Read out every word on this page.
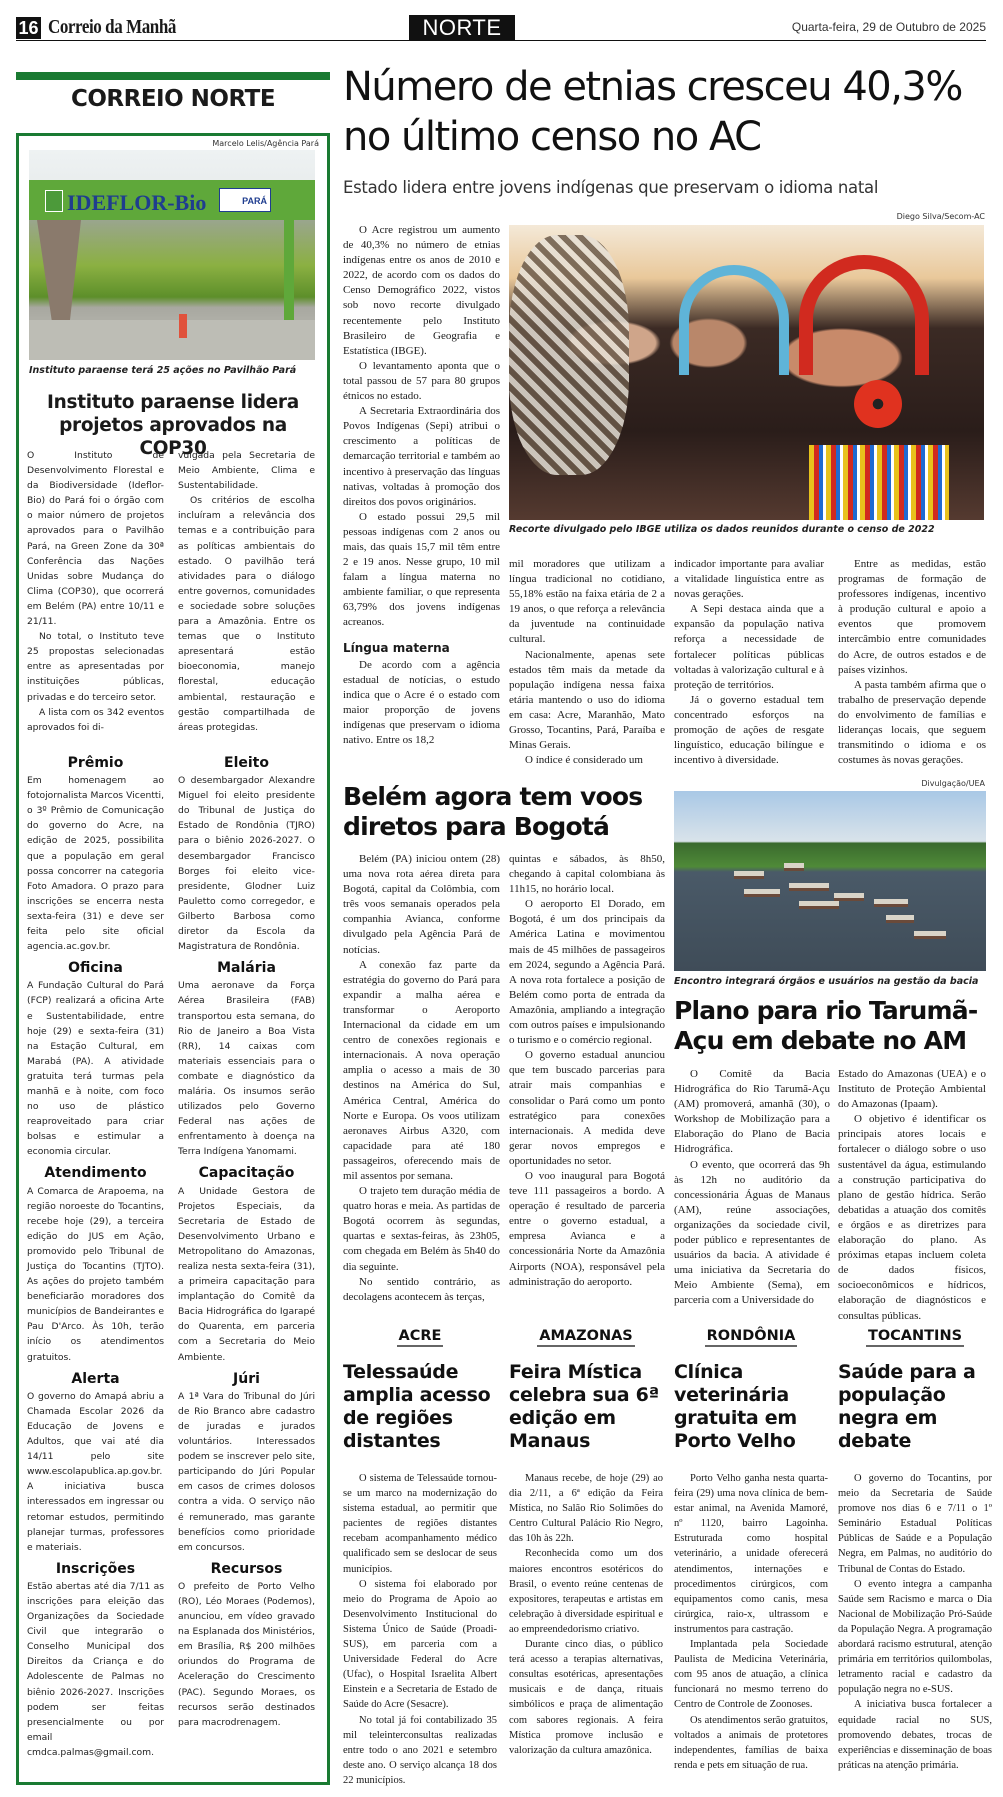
16 Correio da Manhã	NORTE	Quarta-feira, 29 de Outubro de 2025
CORREIO NORTE
Marcelo Lelis/Agência Pará
IDEFLOR-Bio	PARÁ
Instituto paraense terá 25 ações no Pavilhão Pará
Instituto paraense lidera projetos aprovados na COP30

O Instituto de Desenvolvimento Florestal e da Biodiversidade (Ideflor-Bio) do Pará foi o órgão com o maior número de projetos aprovados para o Pavilhão Pará, na Green Zone da 30ª Conferência das Nações Unidas sobre Mudança do Clima (COP30), que ocorrerá em Belém (PA) entre 10/11 e 21/11.

No total, o Instituto teve 25 propostas selecionadas entre as apresentadas por instituições públicas, privadas e do terceiro setor.

A lista com os 342 eventos aprovados foi di-

vulgada pela Secretaria de Meio Ambiente, Clima e Sustentabilidade.

Os critérios de escolha incluíram a relevância dos temas e a contribuição para as políticas ambientais do estado. O pavilhão terá atividades para o diálogo entre governos, comunidades e sociedade sobre soluções para a Amazônia. Entre os temas que o Instituto apresentará estão bioeconomia, manejo florestal, educação ambiental, restauração e gestão compartilhada de áreas protegidas.

Prêmio

Em homenagem ao fotojornalista Marcos Vicentti, o 3º Prêmio de Comunicação do governo do Acre, na edição de 2025, possibilita que a população em geral possa concorrer na categoria Foto Amadora. O prazo para inscrições se encerra nesta sexta-feira (31) e deve ser feita pelo site oficial agencia.ac.gov.br.

Oficina

A Fundação Cultural do Pará (FCP) realizará a oficina Arte e Sustentabilidade, entre hoje (29) e sexta-feira (31) na Estação Cultural, em Marabá (PA). A atividade gratuita terá turmas pela manhã e à noite, com foco no uso de plástico reaproveitado para criar bolsas e estimular a economia circular.

Atendimento

A Comarca de Arapoema, na região noroeste do Tocantins, recebe hoje (29), a terceira edição do JUS em Ação, promovido pelo Tribunal de Justiça do Tocantins (TJTO). As ações do projeto também beneficiarão moradores dos municípios de Bandeirantes e Pau D'Arco. Às 10h, terão início os atendimentos gratuitos.

Alerta

O governo do Amapá abriu a Chamada Escolar 2026 da Educação de Jovens e Adultos, que vai até dia 14/11 pelo site www.escolapublica.ap.gov.br. A iniciativa busca interessados em ingressar ou retomar estudos, permitindo planejar turmas, professores e materiais.

Inscrições

Estão abertas até dia 7/11 as inscrições para eleição das Organizações da Sociedade Civil que integrarão o Conselho Municipal dos Direitos da Criança e do Adolescente de Palmas no biênio 2026-2027. Inscrições podem ser feitas presencialmente ou por email cmdca.palmas@gmail.com.

Eleito

O desembargador Alexandre Miguel foi eleito presidente do Tribunal de Justiça do Estado de Rondônia (TJRO) para o biênio 2026-2027. O desembargador Francisco Borges foi eleito vice-presidente, Glodner Luiz Pauletto como corregedor, e Gilberto Barbosa como diretor da Escola da Magistratura de Rondônia.

Malária

Uma aeronave da Força Aérea Brasileira (FAB) transportou esta semana, do Rio de Janeiro a Boa Vista (RR), 14 caixas com materiais essenciais para o combate e diagnóstico da malária. Os insumos serão utilizados pelo Governo Federal nas ações de enfrentamento à doença na Terra Indígena Yanomami.

Capacitação

A Unidade Gestora de Projetos Especiais, da Secretaria de Estado de Desenvolvimento Urbano e Metropolitano do Amazonas, realiza nesta sexta-feira (31), a primeira capacitação para implantação do Comitê da Bacia Hidrográfica do Igarapé do Quarenta, em parceria com a Secretaria do Meio Ambiente.

Júri

A 1ª Vara do Tribunal do Júri de Rio Branco abre cadastro de juradas e jurados voluntários. Interessados podem se inscrever pelo site, participando do Júri Popular em casos de crimes dolosos contra a vida. O serviço não é remunerado, mas garante benefícios como prioridade em concursos.

Recursos

O prefeito de Porto Velho (RO), Léo Moraes (Podemos), anunciou, em vídeo gravado na Esplanada dos Ministérios, em Brasília, R$ 200 milhões oriundos do Programa de Aceleração do Crescimento (PAC). Segundo Moraes, os recursos serão destinados para macrodrenagem.

Número de etnias cresceu 40,3% no último censo no AC
Estado lidera entre jovens indígenas que preservam o idioma natal
Diego Silva/Secom-AC
Recorte divulgado pelo IBGE utiliza os dados reunidos durante o censo de 2022

O Acre registrou um aumento de 40,3% no número de etnias indígenas entre os anos de 2010 e 2022, de acordo com os dados do Censo Demográfico 2022, vistos sob novo recorte divulgado recentemente pelo Instituto Brasileiro de Geografia e Estatística (IBGE).

O levantamento aponta que o total passou de 57 para 80 grupos étnicos no estado.

A Secretaria Extraordinária dos Povos Indígenas (Sepi) atribui o crescimento a políticas de demarcação territorial e também ao incentivo à preservação das línguas nativas, voltadas à promoção dos direitos dos povos originários.

O estado possui 29,5 mil pessoas indígenas com 2 anos ou mais, das quais 15,7 mil têm entre 2 e 19 anos. Nesse grupo, 10 mil falam a língua materna no ambiente familiar, o que representa 63,79% dos jovens indígenas acreanos.

Língua materna

De acordo com a agência estadual de notícias, o estudo indica que o Acre é o estado com maior proporção de jovens indígenas que preservam o idioma nativo. Entre os 18,2

mil moradores que utilizam a língua tradicional no cotidiano, 55,18% estão na faixa etária de 2 a 19 anos, o que reforça a relevância da juventude na continuidade cultural.

Nacionalmente, apenas sete estados têm mais da metade da população indígena nessa faixa etária mantendo o uso do idioma em casa: Acre, Maranhão, Mato Grosso, Tocantins, Pará, Paraíba e Minas Gerais.

O índice é considerado um

indicador importante para avaliar a vitalidade linguística entre as novas gerações.

A Sepi destaca ainda que a expansão da população nativa reforça a necessidade de fortalecer políticas públicas voltadas à valorização cultural e à proteção de territórios.

Já o governo estadual tem concentrado esforços na promoção de ações de resgate linguístico, educação bilíngue e incentivo à diversidade.

Entre as medidas, estão programas de formação de professores indígenas, incentivo à produção cultural e apoio a eventos que promovem intercâmbio entre comunidades do Acre, de outros estados e de países vizinhos.

A pasta também afirma que o trabalho de preservação depende do envolvimento de famílias e lideranças locais, que seguem transmitindo o idioma e os costumes às novas gerações.

Belém agora tem voos diretos para Bogotá

Belém (PA) iniciou ontem (28) uma nova rota aérea direta para Bogotá, capital da Colômbia, com três voos semanais operados pela companhia Avianca, conforme divulgado pela Agência Pará de notícias.

A conexão faz parte da estratégia do governo do Pará para expandir a malha aérea e transformar o Aeroporto Internacional da cidade em um centro de conexões regionais e internacionais. A nova operação amplia o acesso a mais de 30 destinos na América do Sul, América Central, América do Norte e Europa. Os voos utilizam aeronaves Airbus A320, com capacidade para até 180 passageiros, oferecendo mais de mil assentos por semana.

O trajeto tem duração média de quatro horas e meia. As partidas de Bogotá ocorrem às segundas, quartas e sextas-feiras, às 23h05, com chegada em Belém às 5h40 do dia seguinte.

No sentido contrário, as decolagens acontecem às terças,

quintas e sábados, às 8h50, chegando à capital colombiana às 11h15, no horário local.

O aeroporto El Dorado, em Bogotá, é um dos principais da América Latina e movimentou mais de 45 milhões de passageiros em 2024, segundo a Agência Pará. A nova rota fortalece a posição de Belém como porta de entrada da Amazônia, ampliando a integração com outros países e impulsionando o turismo e o comércio regional.

O governo estadual anunciou que tem buscado parcerias para atrair mais companhias e consolidar o Pará como um ponto estratégico para conexões internacionais. A medida deve gerar novos empregos e oportunidades no setor.

O voo inaugural para Bogotá teve 111 passageiros a bordo. A operação é resultado de parceria entre o governo estadual, a empresa Avianca e a concessionária Norte da Amazônia Airports (NOA), responsável pela administração do aeroporto.

Divulgação/UEA
Encontro integrará órgãos e usuários na gestão da bacia
Plano para rio Tarumã-Açu em debate no AM

O Comitê da Bacia Hidrográfica do Rio Tarumã-Açu (AM) promoverá, amanhã (30), o Workshop de Mobilização para a Elaboração do Plano de Bacia Hidrográfica.

O evento, que ocorrerá das 9h às 12h no auditório da concessionária Águas de Manaus (AM), reúne associações, organizações da sociedade civil, poder público e representantes de usuários da bacia. A atividade é uma iniciativa da Secretaria do Meio Ambiente (Sema), em parceria com a Universidade do

Estado do Amazonas (UEA) e o Instituto de Proteção Ambiental do Amazonas (Ipaam).

O objetivo é identificar os principais atores locais e fortalecer o diálogo sobre o uso sustentável da água, estimulando a construção participativa do plano de gestão hídrica. Serão debatidas a atuação dos comitês e órgãos e as diretrizes para elaboração do plano. As próximas etapas incluem coleta de dados físicos, socioeconômicos e hídricos, elaboração de diagnósticos e consultas públicas.

ACRE
Telessaúde amplia acesso de regiões distantes

O sistema de Telessaúde tornou-se um marco na modernização do sistema estadual, ao permitir que pacientes de regiões distantes recebam acompanhamento médico qualificado sem se deslocar de seus municípios.

O sistema foi elaborado por meio do Programa de Apoio ao Desenvolvimento Institucional do Sistema Único de Saúde (Proadi-SUS), em parceria com a Universidade Federal do Acre (Ufac), o Hospital Israelita Albert Einstein e a Secretaria de Estado de Saúde do Acre (Sesacre).

No total já foi contabilizado 35 mil teleinterconsultas realizadas entre todo o ano 2021 e setembro deste ano. O serviço alcança 18 dos 22 municípios.

AMAZONAS
Feira Mística celebra sua 6ª edição em Manaus

Manaus recebe, de hoje (29) ao dia 2/11, a 6ª edição da Feira Mística, no Salão Rio Solimões do Centro Cultural Palácio Rio Negro, das 10h às 22h.

Reconhecida como um dos maiores encontros esotéricos do Brasil, o evento reúne centenas de expositores, terapeutas e artistas em celebração à diversidade espiritual e ao empreendedorismo criativo.

Durante cinco dias, o público terá acesso a terapias alternativas, consultas esotéricas, apresentações musicais e de dança, rituais simbólicos e praça de alimentação com sabores regionais. A feira Mística promove inclusão e valorização da cultura amazônica.

RONDÔNIA
Clínica veterinária gratuita em Porto Velho

Porto Velho ganha nesta quarta-feira (29) uma nova clínica de bem-estar animal, na Avenida Mamoré, nº 1120, bairro Lagoinha. Estruturada como hospital veterinário, a unidade oferecerá atendimentos, internações e procedimentos cirúrgicos, com equipamentos como canis, mesa cirúrgica, raio-x, ultrassom e instrumentos para castração.

Implantada pela Sociedade Paulista de Medicina Veterinária, com 95 anos de atuação, a clínica funcionará no mesmo terreno do Centro de Controle de Zoonoses.

Os atendimentos serão gratuitos, voltados a animais de protetores independentes, famílias de baixa renda e pets em situação de rua.

TOCANTINS
Saúde para a população negra em debate

O governo do Tocantins, por meio da Secretaria de Saúde promove nos dias 6 e 7/11 o 1º Seminário Estadual Políticas Públicas de Saúde e a População Negra, em Palmas, no auditório do Tribunal de Contas do Estado.

O evento integra a campanha Saúde sem Racismo e marca o Dia Nacional de Mobilização Pró-Saúde da População Negra. A programação abordará racismo estrutural, atenção primária em territórios quilombolas, letramento racial e cadastro da população negra no e-SUS.

A iniciativa busca fortalecer a equidade racial no SUS, promovendo debates, trocas de experiências e disseminação de boas práticas na atenção primária.
